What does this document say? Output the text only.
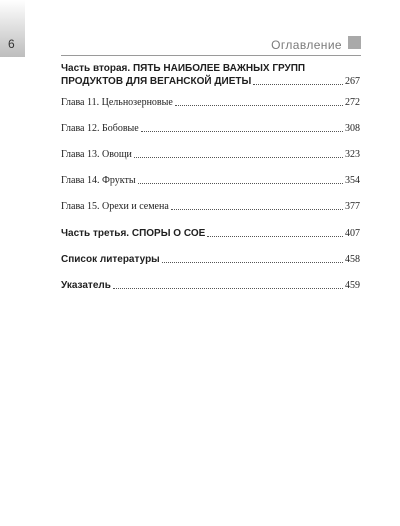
6	Оглавление
Часть вторая. ПЯТЬ НАИБОЛЕЕ ВАЖНЫХ ГРУПП
ПРОДУКТОВ ДЛЯ ВЕГАНСКОЙ ДИЕТЫ	267
Глава 11. Цельнозерновые	272
Глава 12. Бобовые	308
Глава 13. Овощи	323
Глава 14. Фрукты	354
Глава 15. Орехи и семена	377
Часть третья. СПОРЫ О СОЕ	407
Список литературы	458
Указатель	459
